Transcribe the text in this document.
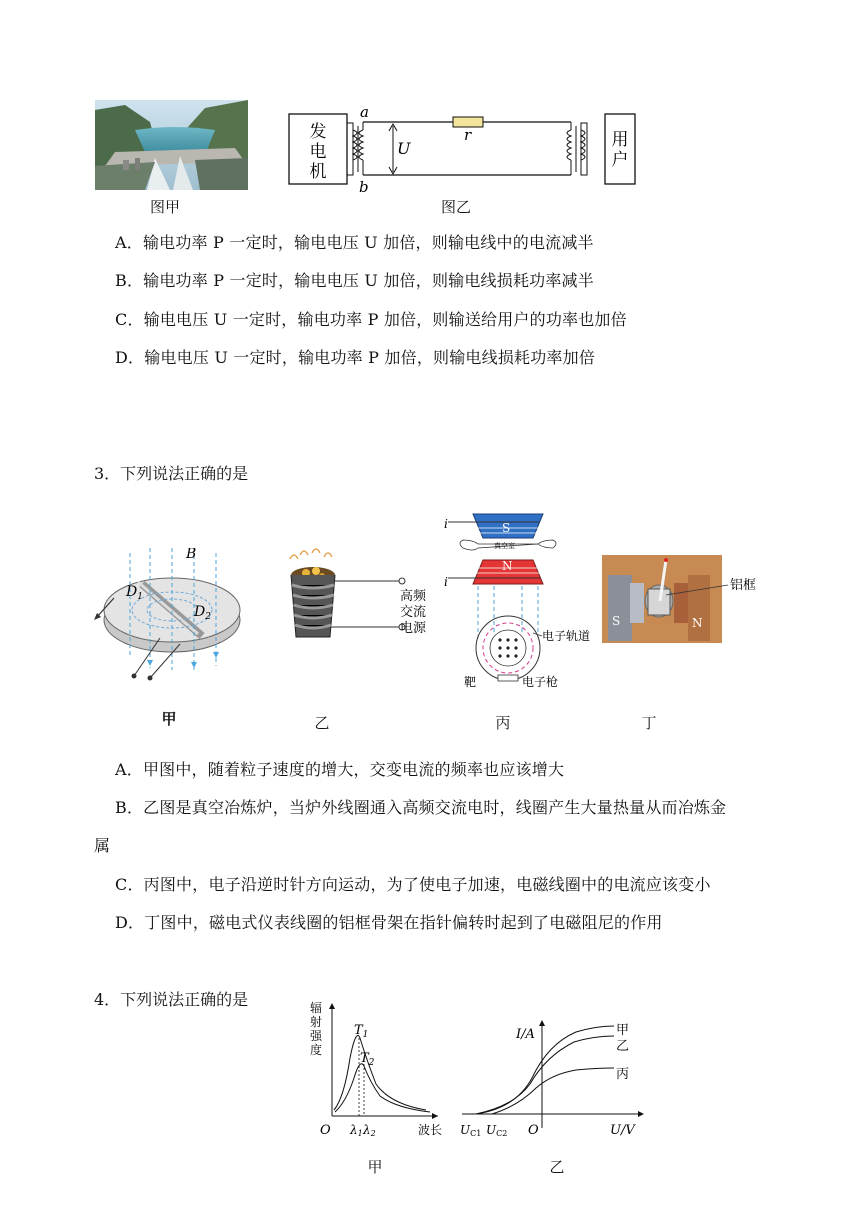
发
电
机
用
户
a
b
U
r
图甲	图乙
A．输电功率 P 一定时，输电电压 U 加倍，则输电线中的电流减半
B．输电功率 P 一定时，输电电压 U 加倍，则输电线损耗功率减半
C．输电电压 U 一定时，输电功率 P 加倍，则输送给用户的功率也加倍
D．输电电压 U 一定时，输电功率 P 加倍，则输电线损耗功率加倍
3．下列说法正确的是
B
$D_1$
$D_2$
高频
交流
电源
i
i
S
N
真空室
电子轨道
电子枪
靶
铝框
S	N
甲	乙	丙	丁
A．甲图中，随着粒子速度的增大，交变电流的频率也应该增大
B．乙图是真空冶炼炉，当炉外线圈通入高频交流电时，线圈产生大量热量从而冶炼金
属
C．丙图中，电子沿逆时针方向运动，为了使电子加速，电磁线圈中的电流应该变小
D．丁图中，磁电式仪表线圈的铝框骨架在指针偏转时起到了电磁阻尼的作用
4．下列说法正确的是	辐
射
强
度
$T_1$
$T_2$
O λ1 λ2	波长
I/A	甲
乙
丙
UC1 UC2 O	U/V
甲	乙
